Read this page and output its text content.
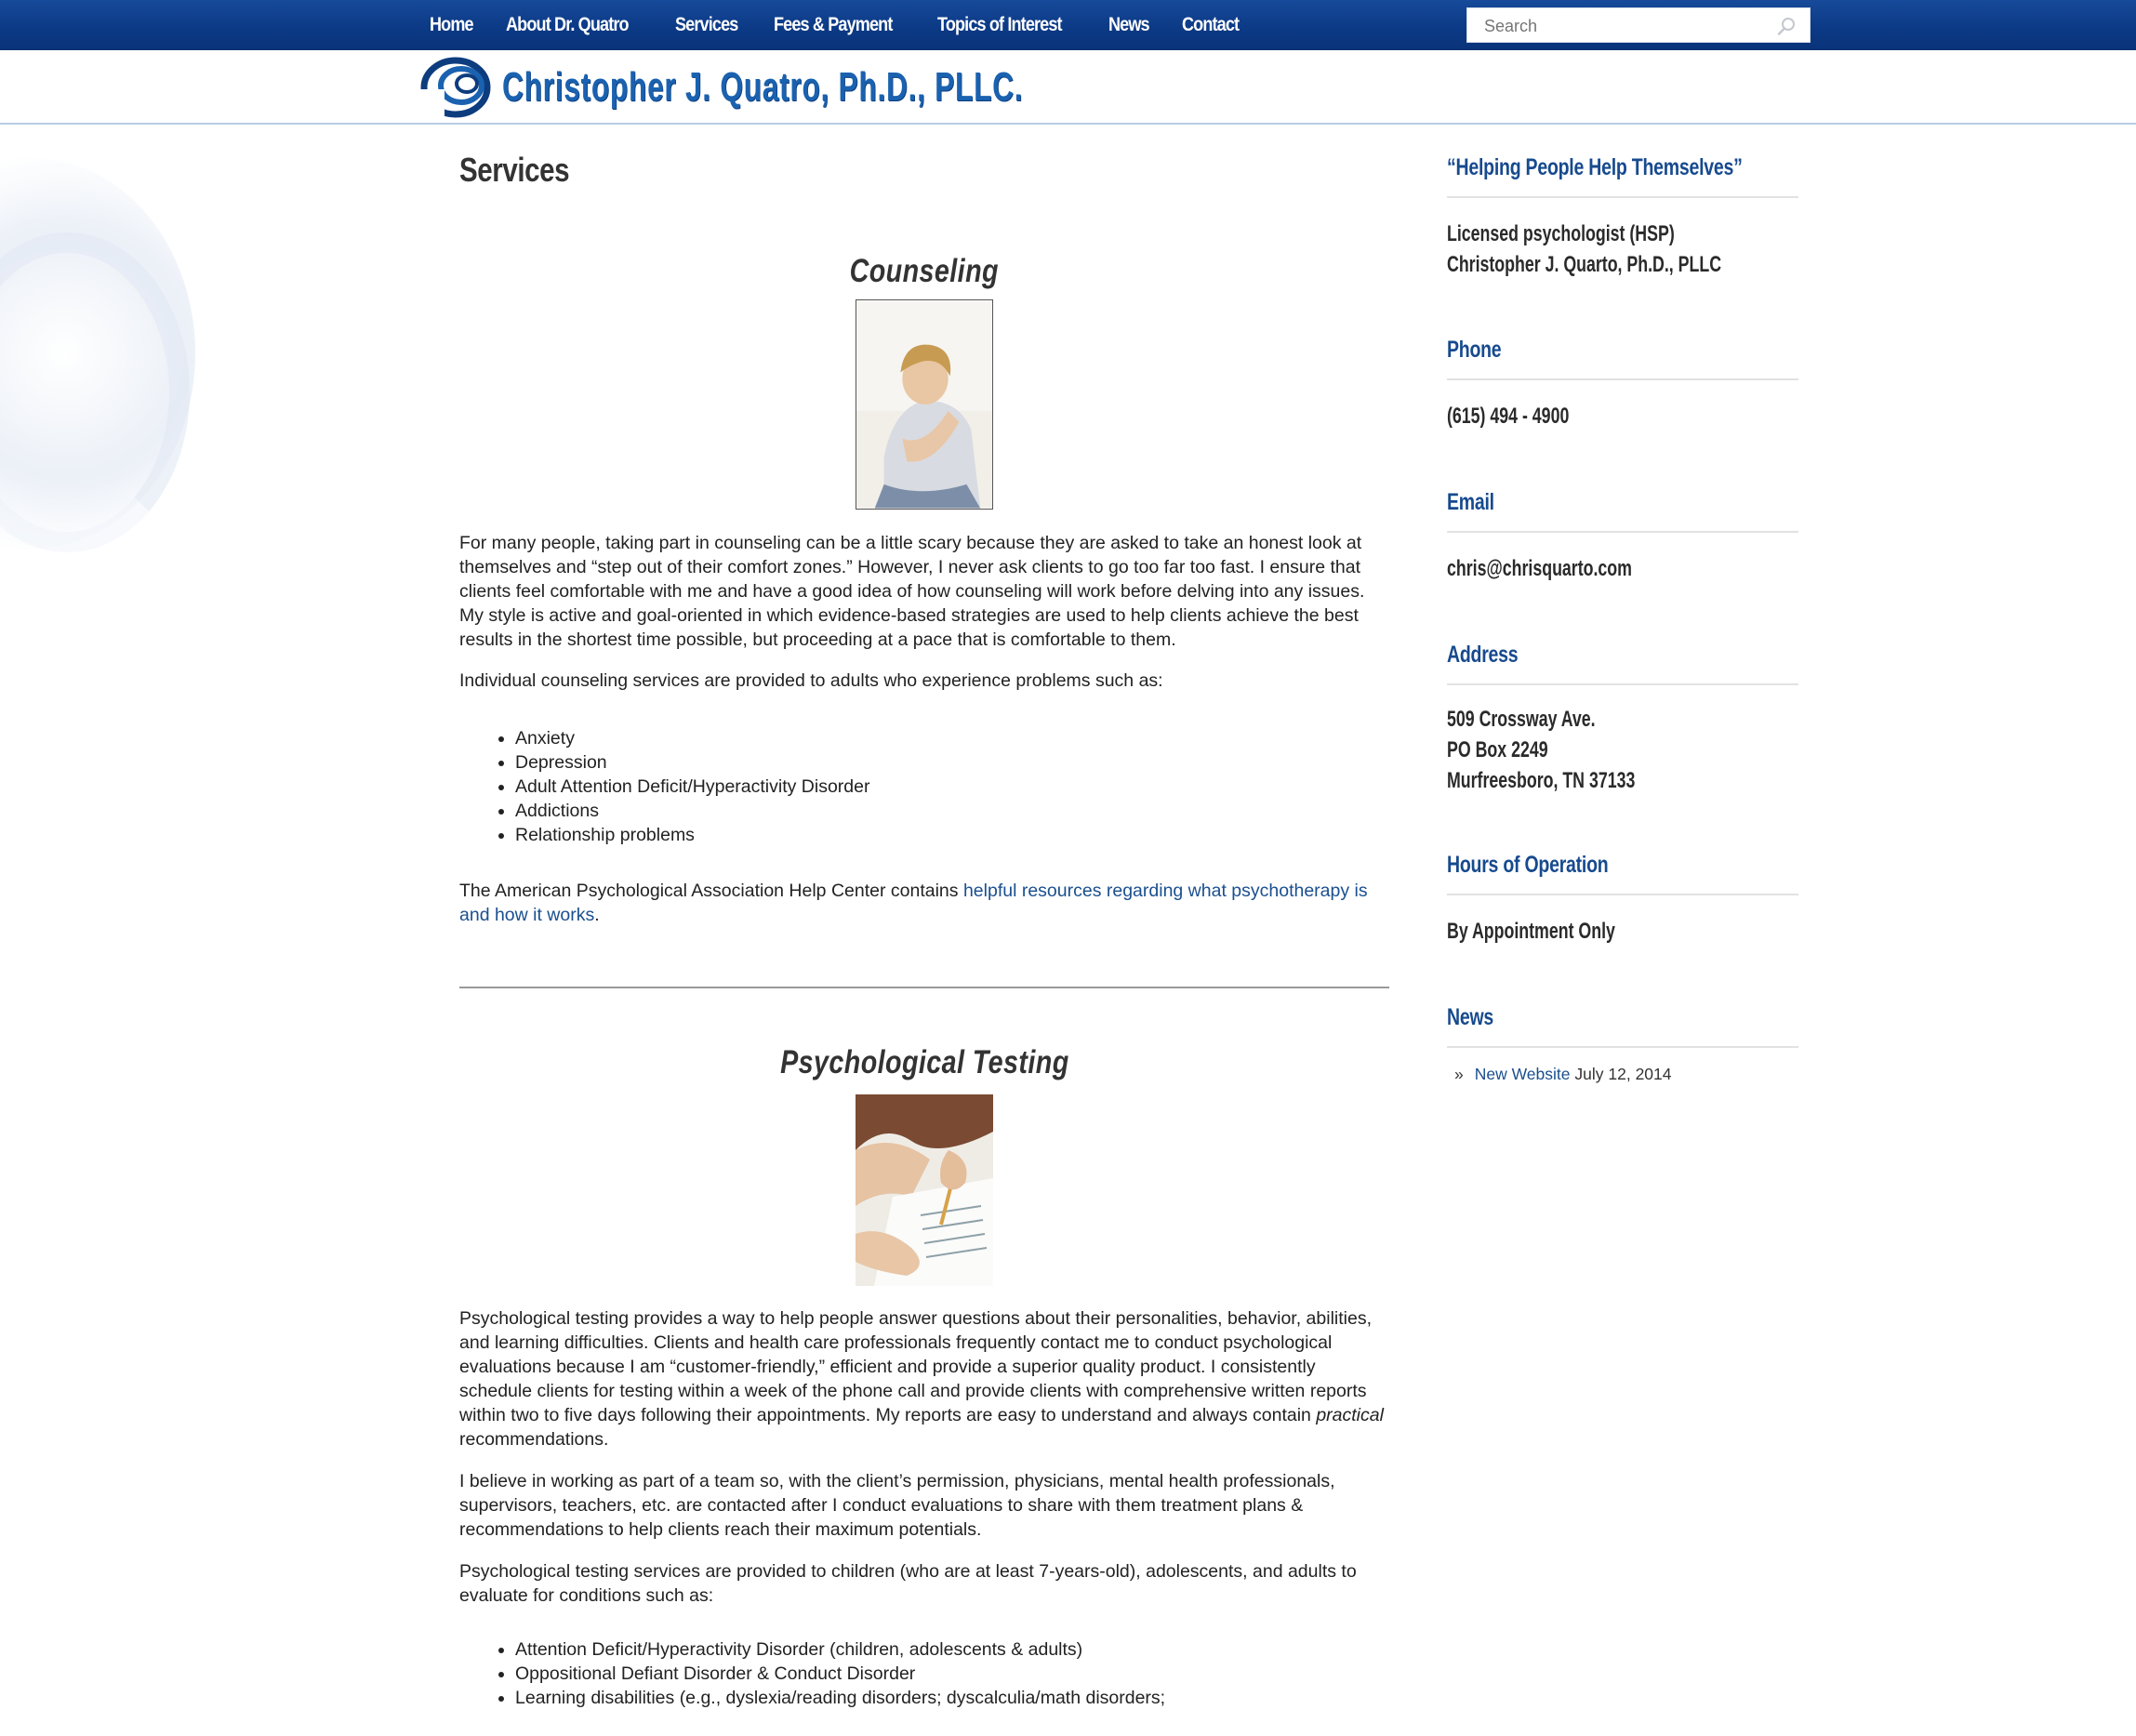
Home About Dr. Quatro Services Fees & Payment Topics of Interest News Contact
Search
Christopher J. Quatro, Ph.D., PLLC.
Services
Counseling

For many people, taking part in counseling can be a little scary because they are asked to take an honest look at themselves and “step out of their comfort zones.” However, I never ask clients to go too far too fast. I ensure that clients feel comfortable with me and have a good idea of how counseling will work before delving into any issues. My style is active and goal-oriented in which evidence-based strategies are used to help clients achieve the best results in the shortest time possible, but proceeding at a pace that is comfortable to them.

Individual counseling services are provided to adults who experience problems such as:

• Anxiety
• Depression
• Adult Attention Deficit/Hyperactivity Disorder
• Addictions
• Relationship problems

The American Psychological Association Help Center contains helpful resources regarding what psychotherapy is and how it works.

Psychological Testing

Psychological testing provides a way to help people answer questions about their personalities, behavior, abilities, and learning difficulties. Clients and health care professionals frequently contact me to conduct psychological evaluations because I am “customer-friendly,” efficient and provide a superior quality product. I consistently schedule clients for testing within a week of the phone call and provide clients with comprehensive written reports within two to five days following their appointments. My reports are easy to understand and always contain practical recommendations.

I believe in working as part of a team so, with the client’s permission, physicians, mental health professionals, supervisors, teachers, etc. are contacted after I conduct evaluations to share with them treatment plans & recommendations to help clients reach their maximum potentials.

Psychological testing services are provided to children (who are at least 7-years-old), adolescents, and adults to evaluate for conditions such as:

• Attention Deficit/Hyperactivity Disorder (children, adolescents & adults)
• Oppositional Defiant Disorder & Conduct Disorder
• Learning disabilities (e.g., dyslexia/reading disorders; dyscalculia/math disorders;
“Helping People Help Themselves”
Licensed psychologist (HSP)
Christopher J. Quarto, Ph.D., PLLC
Phone
(615) 494 - 4900
Email
chris@chrisquarto.com
Address
509 Crossway Ave.
PO Box 2249
Murfreesboro, TN 37133
Hours of Operation
By Appointment Only
News
» New Website July 12, 2014
